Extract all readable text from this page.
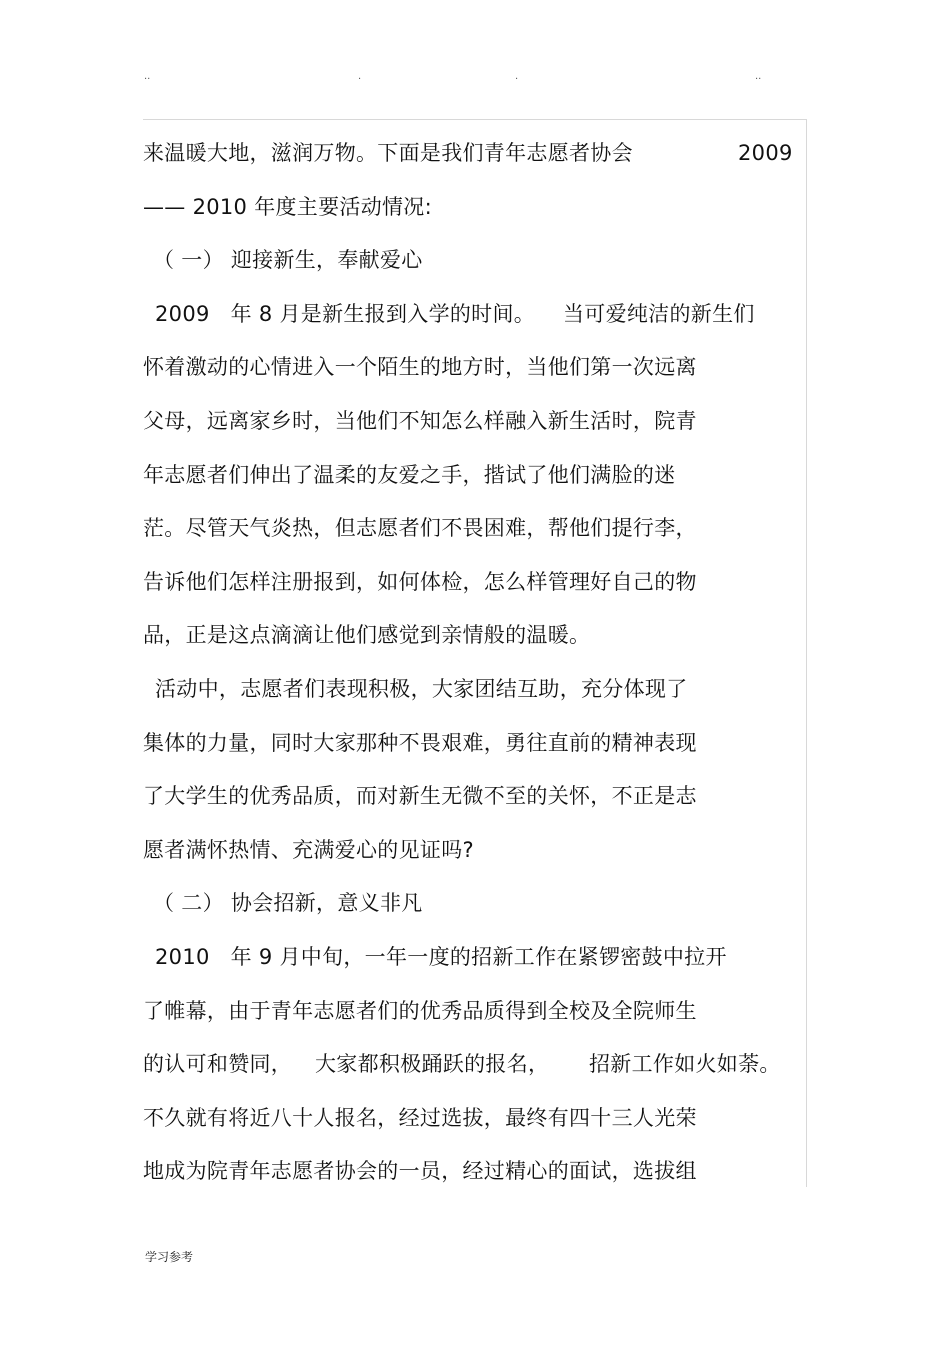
..	.	.	..

来温暖大地，滋润万物。下面是我们青年志愿者协会

	2009

—— 2010 年度主要活动情况:

（ 一） 迎接新生，奉献爱心

2009   年 8 月是新生报到入学的时间。    当可爱纯洁的新生们

怀着激动的心情进入一个陌生的地方时，当他们第一次远离

父母，远离家乡时，当他们不知怎么样融入新生活时，院青

年志愿者们伸出了温柔的友爱之手，揩试了他们满脸的迷

茫。尽管天气炎热，但志愿者们不畏困难，帮他们提行李，

告诉他们怎样注册报到，如何体检，怎么样管理好自己的物

品，正是这点滴滴让他们感觉到亲情般的温暖。

活动中，志愿者们表现积极，大家团结互助，充分体现了

集体的力量，同时大家那种不畏艰难，勇往直前的精神表现

了大学生的优秀品质，而对新生无微不至的关怀，不正是志

愿者满怀热情、充满爱心的见证吗?

（ 二） 协会招新，意义非凡

2010   年 9 月中旬，一年一度的招新工作在紧锣密鼓中拉开

了帷幕，由于青年志愿者们的优秀品质得到全校及全院师生

的认可和赞同，

大家都积极踊跃的报名，

招新工作如火如荼。

不久就有将近八十人报名，经过选拔，最终有四十三人光荣

地成为院青年志愿者协会的一员，经过精心的面试，选拔组

学习参考
